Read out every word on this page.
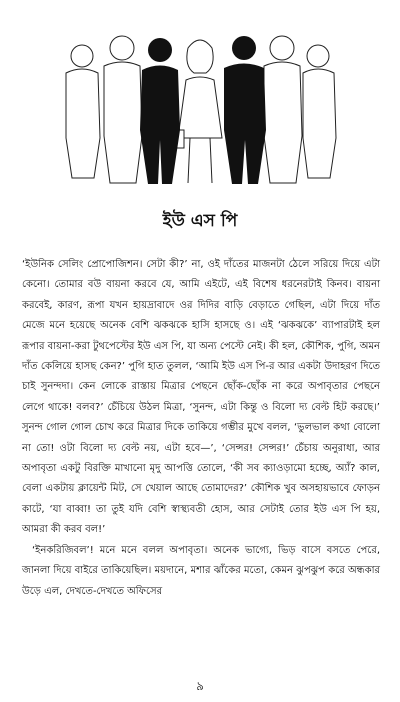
ইউ এস পি

‘ইউনিক সেলিং প্রোপোজিশন। সেটা কী?’ না, ওই দাঁতের মাজনটা ঠেলে সরিয়ে দিয়ে এটা কেনো। তোমার বউ বায়না করবে যে, আমি এইটে, এই বিশেষ ধরনেরটাই কিনব। বায়না করবেই, কারণ, রূপা যখন হায়দ্রাবাদে ওর দিদির বাড়ি বেড়াতে গেছিল, এটা দিয়ে দাঁত মেজে মনে হয়েছে অনেক বেশি ঝকঝকে হাসি হাসছে ও। এই ‘ঝকঝকে’ ব্যাপারটাই হল রূপার বায়না-করা টুথপেস্টের ইউ এস পি, যা অন্য পেস্টে নেই। কী হল, কৌশিক, পুগি, অমন দাঁত কেলিয়ে হাসছ কেন?’ পুগি হাত তুলল, ‘আমি ইউ এস পি-র আর একটা উদাহরণ দিতে চাই সুনন্দদা। কেন লোকে রাস্তায় মিত্রার পেছনে ছোঁক-ছোঁক না করে অপাবৃতার পেছনে লেগে থাকে! বলব?’ চেঁচিয়ে উঠল মিত্রা, ‘সুনন্দ, এটা কিন্তু ও বিলো দ্য বেল্ট হিট করছে।’ সুনন্দ গোল গোল চোখ করে মিত্রার দিকে তাকিয়ে গম্ভীর মুখে বলল, ‘ভুলভাল কথা বোলো না তো! ওটা বিলো দ্য বেল্ট নয়, এটা হবে—’, ‘সেন্সর! সেন্সর!’ চেঁচায় অনুরাধা, আর অপাবৃতা একটু বিরক্তি মাখানো মৃদু আপত্তি তোলে, ‘কী সব ক্যাওড়ামো হচ্ছে, অ্যাঁ? কাল, বেলা একটায় ক্লায়েন্ট মিট, সে খেয়াল আছে তোমাদের?’ কৌশিক খুব অসহায়ভাবে ফোড়ন কাটে, ‘যা বাব্বা! তা তুই যদি বেশি স্বাস্থ্যবতী হোস, আর সেটাই তোর ইউ এস পি হয়, আমরা কী করব বল!’

‘ইনকরিজিবল’! মনে মনে বলল অপাবৃতা। অনেক ভাগ্যে, ভিড় বাসে বসতে পেরে, জানলা দিয়ে বাইরে তাকিয়েছিল। ময়দানে, মশার ঝাঁকের মতো, কেমন ঝুপঝুপ করে অন্ধকার উড়ে এল, দেখতে-দেখতে অফিসের

৯
